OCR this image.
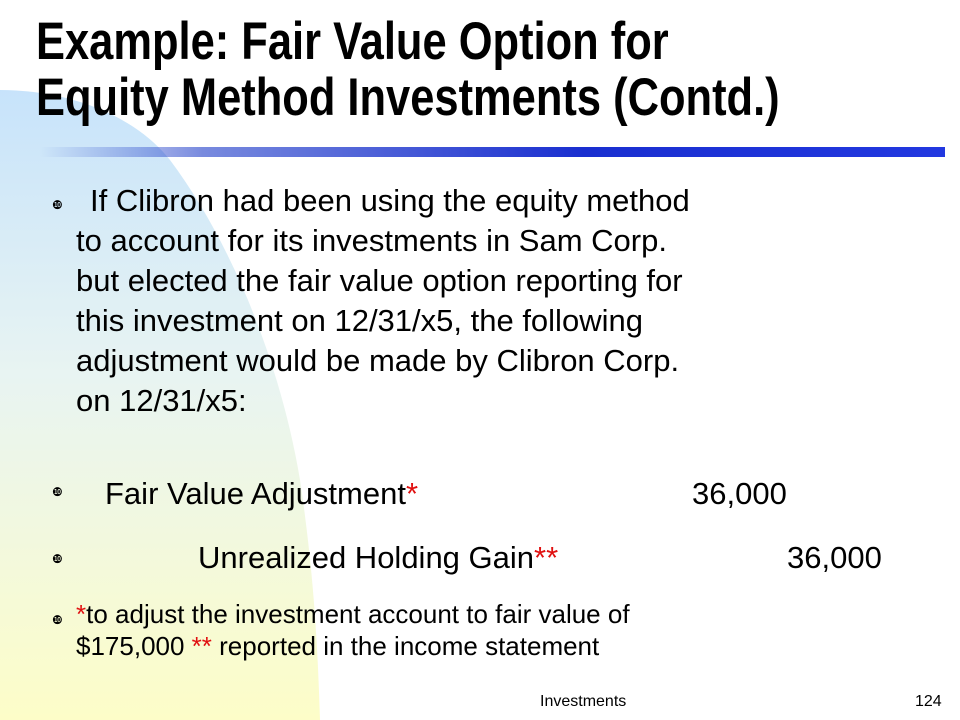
Example: Fair Value Option for
Equity Method Investments (Contd.)
❿ If Clibron had been using the equity method
to account for its investments in Sam Corp.
but elected the fair value option reporting for
this investment on 12/31/x5, the following
adjustment would be made by Clibron Corp.
on 12/31/x5:
❿ Fair Value Adjustment*	36,000
❿	Unrealized Holding Gain**	36,000
❿ *to adjust the investment account to fair value of
$175,000 ** reported in the income statement
Investments	124
